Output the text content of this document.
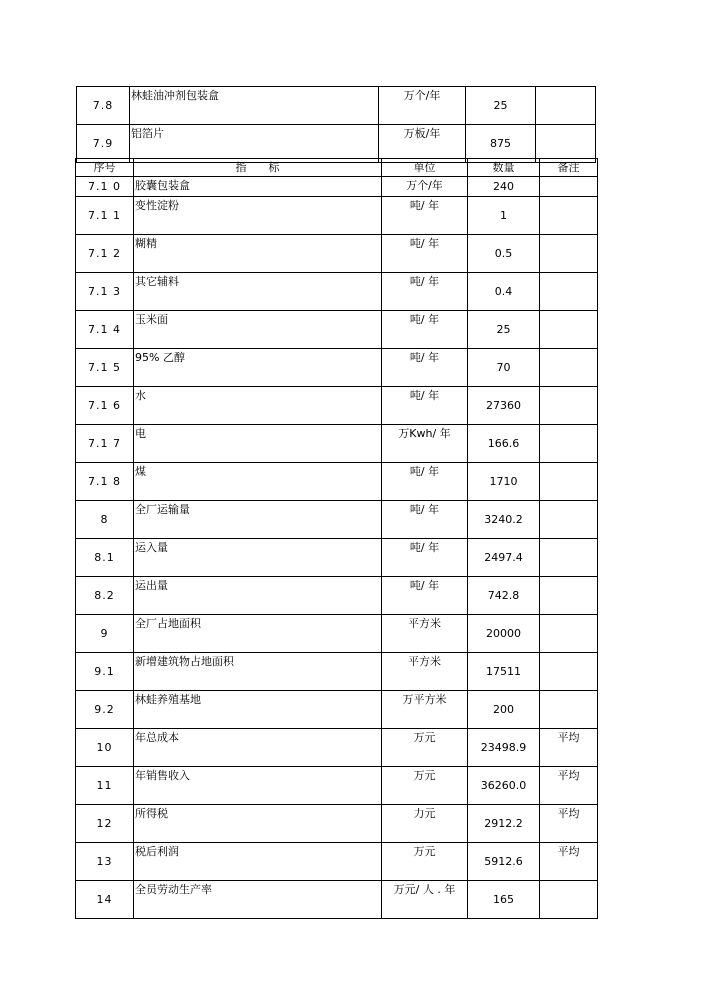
7.8	林蛙油冲剂包装盒	万个/年	25	
7.9	铝箔片	万板/年	875	
序号	指　　标	单位	数量	备注
7.1 0	胶囊包装盒	万个/年	240	
7.1 1	变性淀粉	吨/ 年	1	
7.1 2	糊精	吨/ 年	0.5	
7.1 3	其它辅料	吨/ 年	0.4	
7.1 4	玉米面	吨/ 年	25	
7.1 5	95% 乙醇	吨/ 年	70	
7.1 6	水	吨/ 年	27360	
7.1 7	电	万Kwh/ 年	166.6	
7.1 8	煤	吨/ 年	1710	
8	全厂运输量	吨/ 年	3240.2	
8.1	运入量	吨/ 年	2497.4	
8.2	运出量	吨/ 年	742.8	
9	全厂占地面积	平方米	20000	
9.1	新增建筑物占地面积	平方米	17511	
9.2	林蛙养殖基地	万平方米	200	
10	年总成本	万元	23498.9	平均
11	年销售收入	万元	36260.0	平均
12	所得税	力元	2912.2	平均
13	税后利润	万元	5912.6	平均
14	全员劳动生产率	万元/ 人 . 年	165	
